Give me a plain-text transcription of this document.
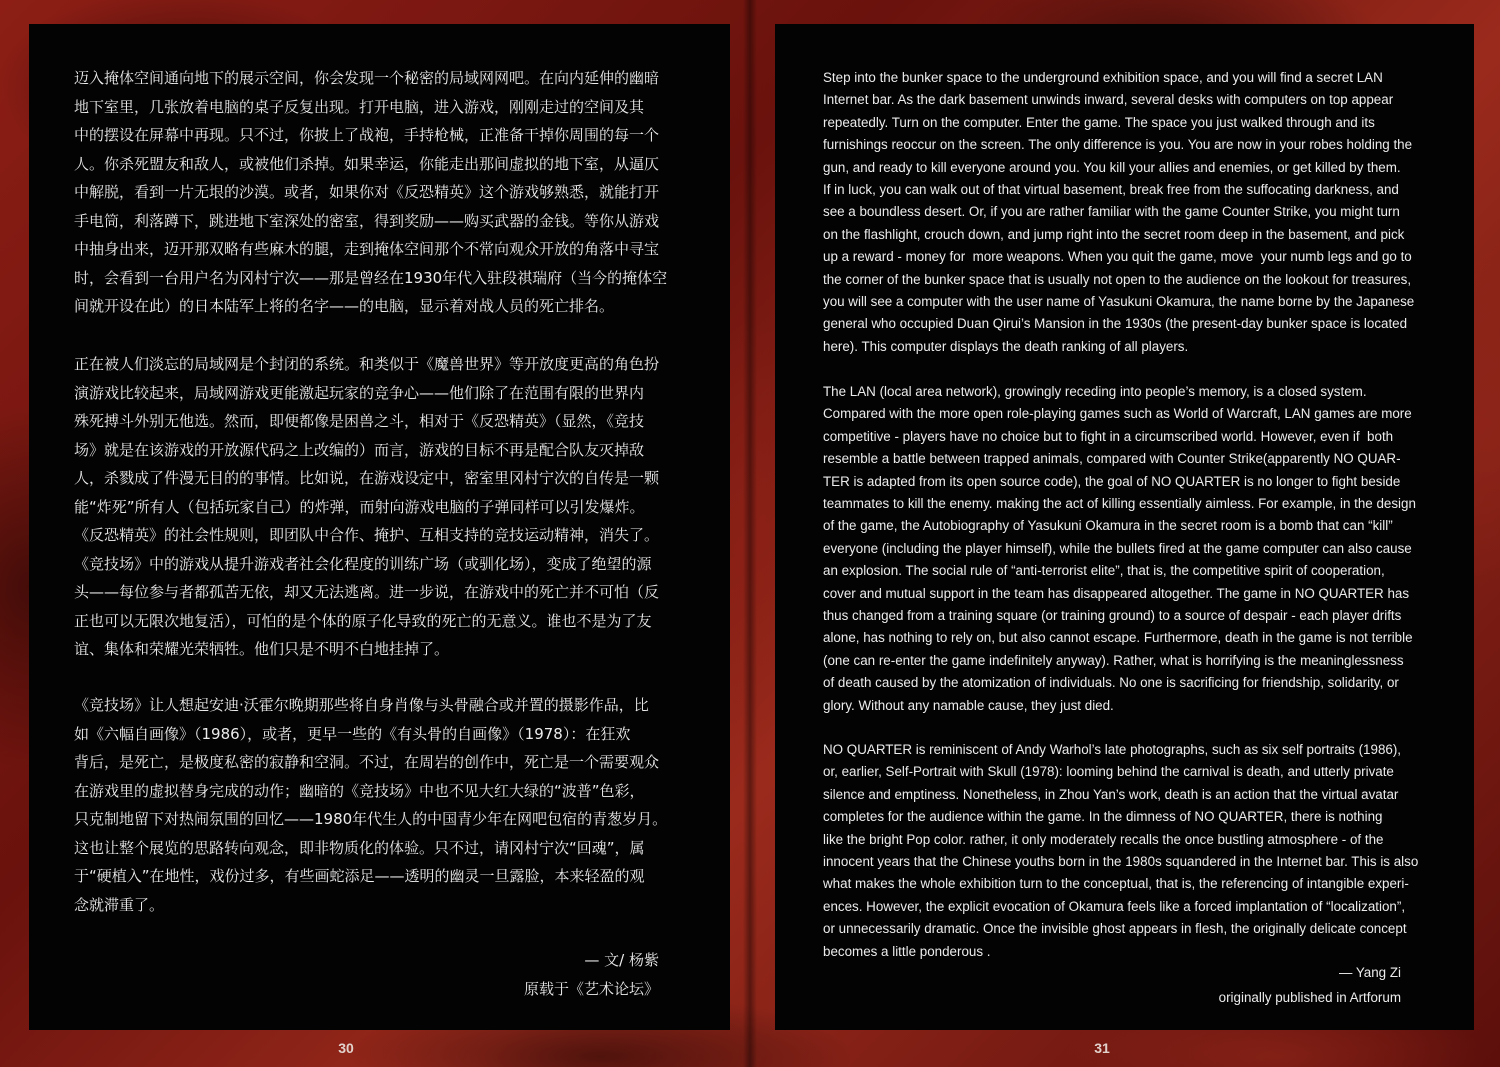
迈入掩体空间通向地下的展示空间，你会发现一个秘密的局域网网吧。在向内延伸的幽暗
地下室里，几张放着电脑的桌子反复出现。打开电脑，进入游戏，刚刚走过的空间及其
中的摆设在屏幕中再现。只不过，你披上了战袍，手持枪械，正准备干掉你周围的每一个
人。你杀死盟友和敌人，或被他们杀掉。如果幸运，你能走出那间虚拟的地下室，从逼仄
中解脱，看到一片无垠的沙漠。或者，如果你对《反恐精英》这个游戏够熟悉，就能打开
手电筒，利落蹲下，跳进地下室深处的密室，得到奖励——购买武器的金钱。等你从游戏
中抽身出来，迈开那双略有些麻木的腿，走到掩体空间那个不常向观众开放的角落中寻宝
时，会看到一台用户名为冈村宁次——那是曾经在1930年代入驻段祺瑞府（当今的掩体空
间就开设在此）的日本陆军上将的名字——的电脑，显示着对战人员的死亡排名。

正在被人们淡忘的局域网是个封闭的系统。和类似于《魔兽世界》等开放度更高的角色扮
演游戏比较起来，局域网游戏更能激起玩家的竞争心——他们除了在范围有限的世界内
殊死搏斗外别无他选。然而，即便都像是困兽之斗，相对于《反恐精英》（显然，《竞技
场》就是在该游戏的开放源代码之上改编的）而言，游戏的目标不再是配合队友灭掉敌
人，杀戮成了件漫无目的的事情。比如说，在游戏设定中，密室里冈村宁次的自传是一颗
能“炸死”所有人（包括玩家自己）的炸弹，而射向游戏电脑的子弹同样可以引发爆炸。
《反恐精英》的社会性规则，即团队中合作、掩护、互相支持的竞技运动精神，消失了。
《竞技场》中的游戏从提升游戏者社会化程度的训练广场（或驯化场），变成了绝望的源
头——每位参与者都孤苦无依，却又无法逃离。进一步说，在游戏中的死亡并不可怕（反
正也可以无限次地复活），可怕的是个体的原子化导致的死亡的无意义。谁也不是为了友
谊、集体和荣耀光荣牺牲。他们只是不明不白地挂掉了。

《竞技场》让人想起安迪·沃霍尔晚期那些将自身肖像与头骨融合或并置的摄影作品，比
如《六幅自画像》（1986），或者，更早一些的《有头骨的自画像》（1978）：在狂欢
背后，是死亡，是极度私密的寂静和空洞。不过，在周岩的创作中，死亡是一个需要观众
在游戏里的虚拟替身完成的动作；幽暗的《竞技场》中也不见大红大绿的“波普”色彩，
只克制地留下对热闹氛围的回忆——1980年代生人的中国青少年在网吧包宿的青葱岁月。
这也让整个展览的思路转向观念，即非物质化的体验。只不过，请冈村宁次“回魂”，属
于“硬植入”在地性，戏份过多，有些画蛇添足——透明的幽灵一旦露脸，本来轻盈的观
念就滞重了。

— 文/ 杨紫

原载于《艺术论坛》

Step into the bunker space to the underground exhibition space, and you will find a secret LAN
Internet bar. As the dark basement unwinds inward, several desks with computers on top appear
repeatedly. Turn on the computer. Enter the game. The space you just walked through and its
furnishings reoccur on the screen. The only difference is you. You are now in your robes holding the
gun, and ready to kill everyone around you. You kill your allies and enemies, or get killed by them.
If in luck, you can walk out of that virtual basement, break free from the suffocating darkness, and
see a boundless desert. Or, if you are rather familiar with the game Counter Strike, you might turn
on the flashlight, crouch down, and jump right into the secret room deep in the basement, and pick
up a reward - money for  more weapons. When you quit the game, move  your numb legs and go to
the corner of the bunker space that is usually not open to the audience on the lookout for treasures,
you will see a computer with the user name of Yasukuni Okamura, the name borne by the Japanese
general who occupied Duan Qirui’s Mansion in the 1930s (the present-day bunker space is located
here). This computer displays the death ranking of all players.

The LAN (local area network), growingly receding into people’s memory, is a closed system.
Compared with the more open role-playing games such as World of Warcraft, LAN games are more
competitive - players have no choice but to fight in a circumscribed world. However, even if  both
resemble a battle between trapped animals, compared with Counter Strike(apparently NO QUAR-
TER is adapted from its open source code), the goal of NO QUARTER is no longer to fight beside
teammates to kill the enemy. making the act of killing essentially aimless. For example, in the design
of the game, the Autobiography of Yasukuni Okamura in the secret room is a bomb that can “kill”
everyone (including the player himself), while the bullets fired at the game computer can also cause
an explosion. The social rule of “anti-terrorist elite”, that is, the competitive spirit of cooperation,
cover and mutual support in the team has disappeared altogether. The game in NO QUARTER has
thus changed from a training square (or training ground) to a source of despair - each player drifts
alone, has nothing to rely on, but also cannot escape. Furthermore, death in the game is not terrible
(one can re-enter the game indefinitely anyway). Rather, what is horrifying is the meaninglessness
of death caused by the atomization of individuals. No one is sacrificing for friendship, solidarity, or
glory. Without any namable cause, they just died.

NO QUARTER is reminiscent of Andy Warhol’s late photographs, such as six self portraits (1986),
or, earlier, Self-Portrait with Skull (1978): looming behind the carnival is death, and utterly private
silence and emptiness. Nonetheless, in Zhou Yan’s work, death is an action that the virtual avatar
completes for the audience within the game. In the dimness of NO QUARTER, there is nothing
like the bright Pop color. rather, it only moderately recalls the once bustling atmosphere - of the
innocent years that the Chinese youths born in the 1980s squandered in the Internet bar. This is also
what makes the whole exhibition turn to the conceptual, that is, the referencing of intangible experi-
ences. However, the explicit evocation of Okamura feels like a forced implantation of “localization”,
or unnecessarily dramatic. Once the invisible ghost appears in flesh, the originally delicate concept
becomes a little ponderous .

— Yang Zi

originally published in Artforum

30	31
